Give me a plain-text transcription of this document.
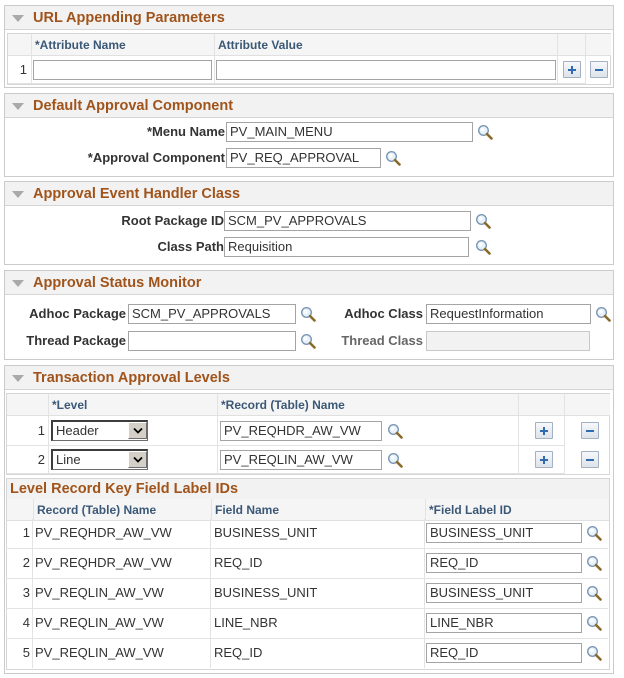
URL Appending Parameters
*Attribute Name	Attribute Value
1
Default Approval Component
*Menu Name PV_MAIN_MENU
*Approval Component PV_REQ_APPROVAL
Approval Event Handler Class
Root Package ID SCM_PV_APPROVALS
Class Path Requisition
Approval Status Monitor
Adhoc Package SCM_PV_APPROVALS	Adhoc Class RequestInformation
Thread Package	Thread Class
Transaction Approval Levels
*Level	*Record (Table) Name
1 Header	PV_REQHDR_AW_VW
2 Line	PV_REQLIN_AW_VW
Level Record Key Field Label IDs
Record (Table) Name	Field Name	*Field Label ID
1 PV_REQHDR_AW_VW	BUSINESS_UNIT	BUSINESS_UNIT
2 PV_REQHDR_AW_VW	REQ_ID	REQ_ID
3 PV_REQLIN_AW_VW	BUSINESS_UNIT	BUSINESS_UNIT
4 PV_REQLIN_AW_VW	LINE_NBR	LINE_NBR
5 PV_REQLIN_AW_VW	REQ_ID	REQ_ID
